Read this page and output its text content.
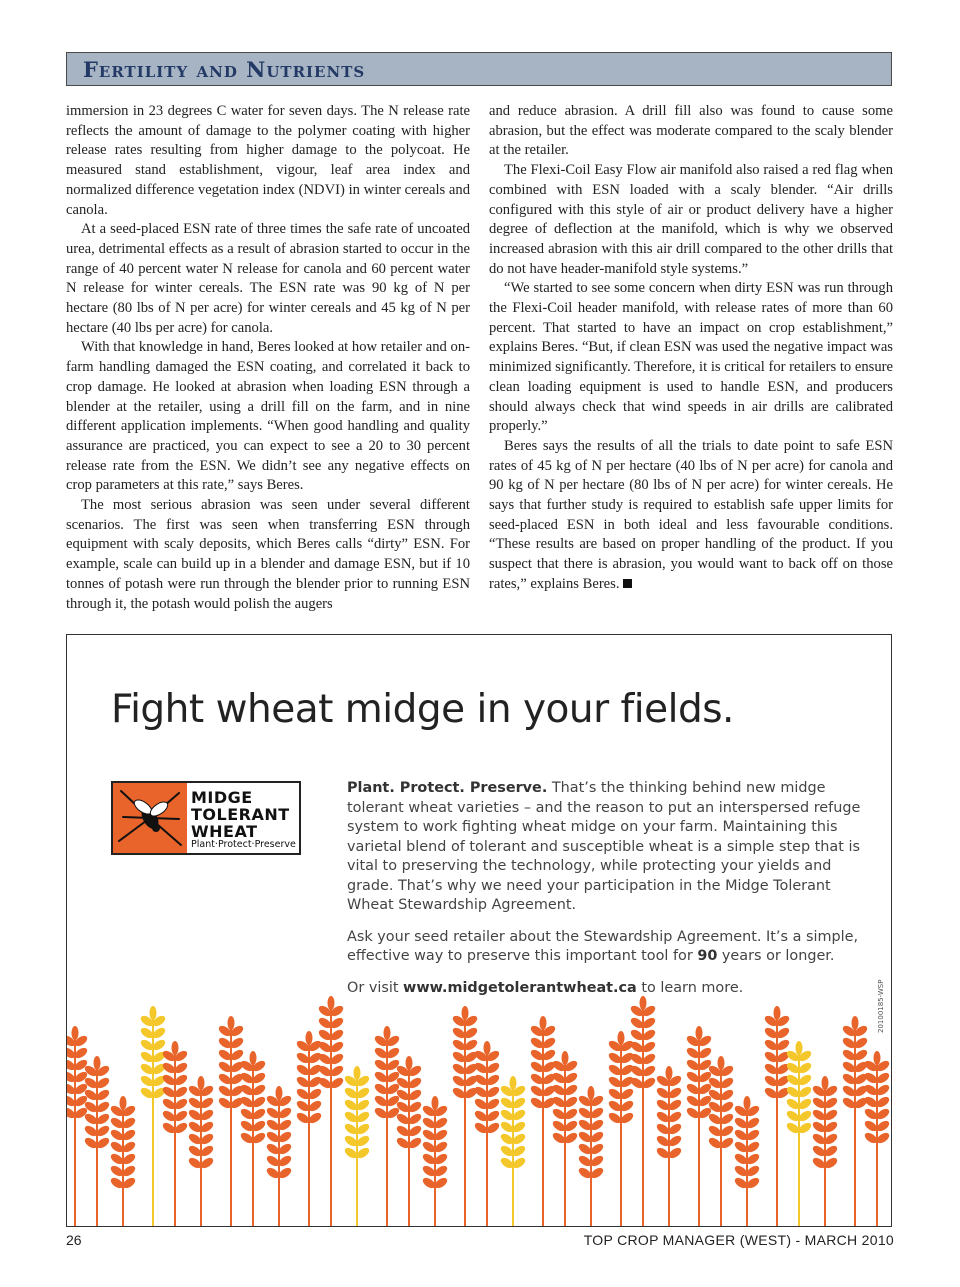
Fertility and Nutrients

immersion in 23 degrees C water for seven days. The N release rate reflects the amount of damage to the polymer coating with higher release rates resulting from higher damage to the polycoat. He measured stand establishment, vigour, leaf area index and normalized difference vegetation index (NDVI) in winter cereals and canola.

At a seed-placed ESN rate of three times the safe rate of uncoated urea, detrimental effects as a result of abrasion started to occur in the range of 40 percent water N release for canola and 60 percent water N release for winter cereals. The ESN rate was 90 kg of N per hectare (80 lbs of N per acre) for winter cereals and 45 kg of N per hectare (40 lbs per acre) for canola.

With that knowledge in hand, Beres looked at how retailer and on-farm handling damaged the ESN coating, and correlated it back to crop damage. He looked at abrasion when loading ESN through a blender at the retailer, using a drill fill on the farm, and in nine different application implements. “When good handling and quality assurance are practiced, you can expect to see a 20 to 30 percent release rate from the ESN. We didn’t see any negative effects on crop parameters at this rate,” says Beres.

The most serious abrasion was seen under several different scenarios. The first was seen when transferring ESN through equipment with scaly deposits, which Beres calls “dirty” ESN. For example, scale can build up in a blender and damage ESN, but if 10 tonnes of potash were run through the blender prior to running ESN through it, the potash would polish the augers

and reduce abrasion. A drill fill also was found to cause some abrasion, but the effect was moderate compared to the scaly blender at the retailer.

The Flexi-Coil Easy Flow air manifold also raised a red flag when combined with ESN loaded with a scaly blender. “Air drills configured with this style of air or product delivery have a higher degree of deflection at the manifold, which is why we observed increased abrasion with this air drill compared to the other drills that do not have header-manifold style systems.”

“We started to see some concern when dirty ESN was run through the Flexi-Coil header manifold, with release rates of more than 60 percent. That started to have an impact on crop establishment,” explains Beres. “But, if clean ESN was used the negative impact was minimized significantly. Therefore, it is critical for retailers to ensure clean loading equipment is used to handle ESN, and producers should always check that wind speeds in air drills are calibrated properly.”

Beres says the results of all the trials to date point to safe ESN rates of 45 kg of N per hectare (40 lbs of N per acre) for canola and 90 kg of N per hectare (80 lbs of N per acre) for winter cereals. He says that further study is required to establish safe upper limits for seed-placed ESN in both ideal and less favourable conditions. “These results are based on proper handling of the product. If you suspect that there is abrasion, you would want to back off on those rates,” explains Beres.

Fight wheat midge in your fields.
MIDGE
TOLERANT
WHEAT
Plant·Protect·Preserve

Plant. Protect. Preserve. That’s the thinking behind new midge tolerant wheat varieties – and the reason to put an interspersed refuge system to work fighting wheat midge on your farm. Maintaining this varietal blend of tolerant and susceptible wheat is a simple step that is vital to preserving the technology, while protecting your yields and grade. That’s why we need your participation in the Midge Tolerant Wheat Stewardship Agreement.

Ask your seed retailer about the Stewardship Agreement. It’s a simple, effective way to preserve this important tool for 90 years or longer.

Or visit www.midgetolerantwheat.ca to learn more.	20100185-WSP
26	TOP CROP MANAGER (WEST) - MARCH 2010
